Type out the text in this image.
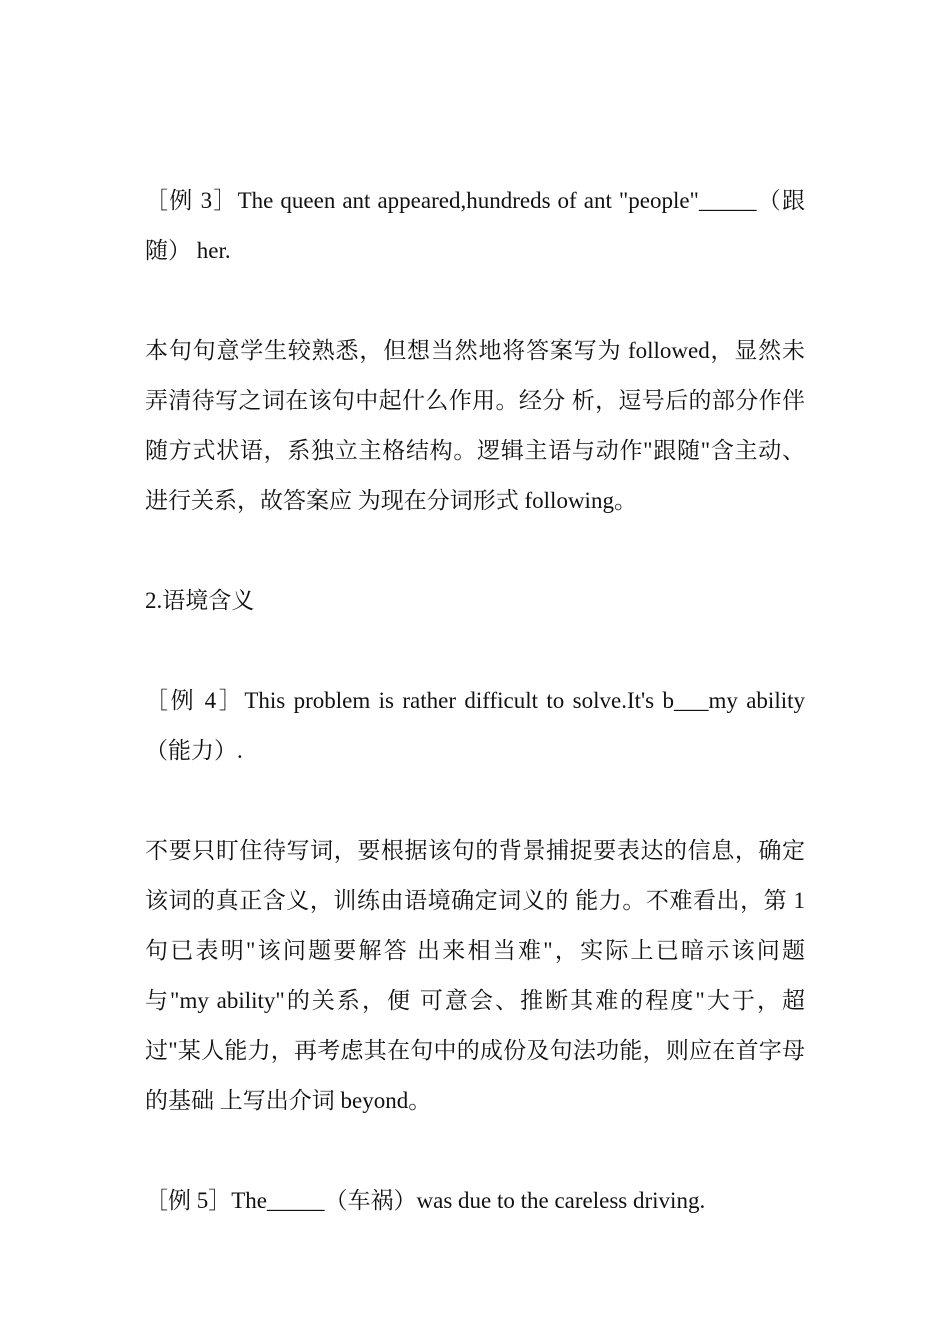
［例 3］The queen ant appeared,hundreds of ant "people"_____（跟随） her.

本句句意学生较熟悉，但想当然地将答案写为 followed，显然未弄清待写之词在该句中起什么作用。经分 析，逗号后的部分作伴随方式状语，系独立主格结构。逻辑主语与动作"跟随"含主动、进行关系，故答案应 为现在分词形式 following。

2.语境含义

［例 4］This problem is rather difficult to solve.It's b___my ability （能力）.

不要只盯住待写词，要根据该句的背景捕捉要表达的信息，确定该词的真正含义，训练由语境确定词义的 能力。不难看出，第 1 句已表明"该问题要解答 出来相当难"，实际上已暗示该问题与"my ability"的关系，便 可意会、推断其难的程度"大于，超过"某人能力，再考虑其在句中的成份及句法功能，则应在首字母的基础 上写出介词 beyond。

［例 5］The_____（车祸）was due to the careless driving.
